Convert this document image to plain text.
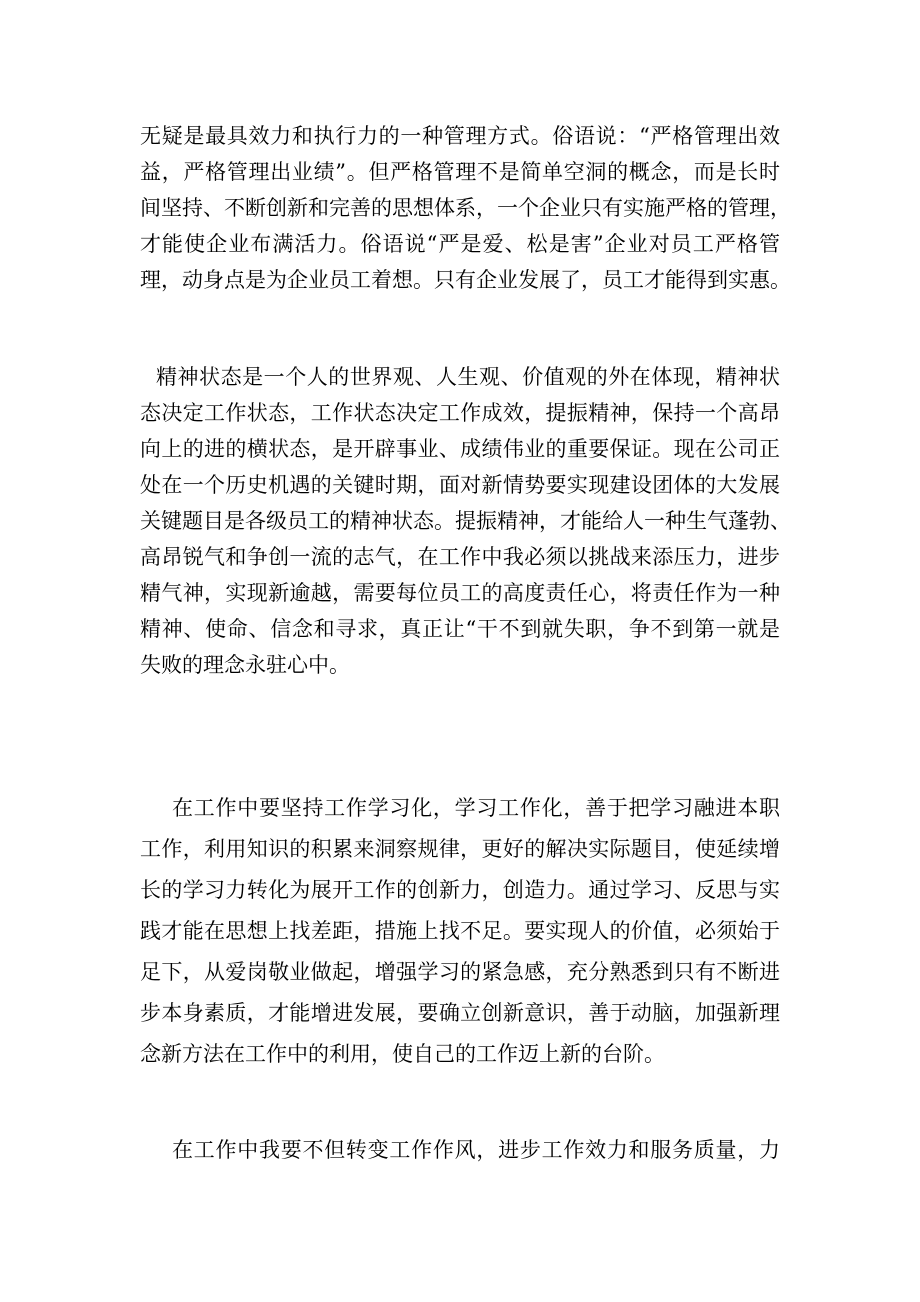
无疑是最具效力和执行力的一种管理方式。俗语说：“严格管理出效
益，严格管理出业绩”。但严格管理不是简单空洞的概念，而是长时
间坚持、不断创新和完善的思想体系，一个企业只有实施严格的管理，
才能使企业布满活力。俗语说“严是爱、松是害”企业对员工严格管
理，动身点是为企业员工着想。只有企业发展了，员工才能得到实惠。
精神状态是一个人的世界观、人生观、价值观的外在体现，精神状
态决定工作状态，工作状态决定工作成效，提振精神，保持一个高昂
向上的进的横状态，是开辟事业、成绩伟业的重要保证。现在公司正
处在一个历史机遇的关键时期，面对新情势要实现建设团体的大发展
关键题目是各级员工的精神状态。提振精神，才能给人一种生气蓬勃、
高昂锐气和争创一流的志气，在工作中我必须以挑战来添压力，进步
精气神，实现新逾越，需要每位员工的高度责任心，将责任作为一种
精神、使命、信念和寻求，真正让“干不到就失职，争不到第一就是
失败的理念永驻心中。
在工作中要坚持工作学习化，学习工作化，善于把学习融进本职
工作，利用知识的积累来洞察规律，更好的解决实际题目，使延续增
长的学习力转化为展开工作的创新力，创造力。通过学习、反思与实
践才能在思想上找差距，措施上找不足。要实现人的价值，必须始于
足下，从爱岗敬业做起，增强学习的紧急感，充分熟悉到只有不断进
步本身素质，才能增进发展，要确立创新意识，善于动脑，加强新理
念新方法在工作中的利用，使自己的工作迈上新的台阶。
在工作中我要不但转变工作作风，进步工作效力和服务质量，力
